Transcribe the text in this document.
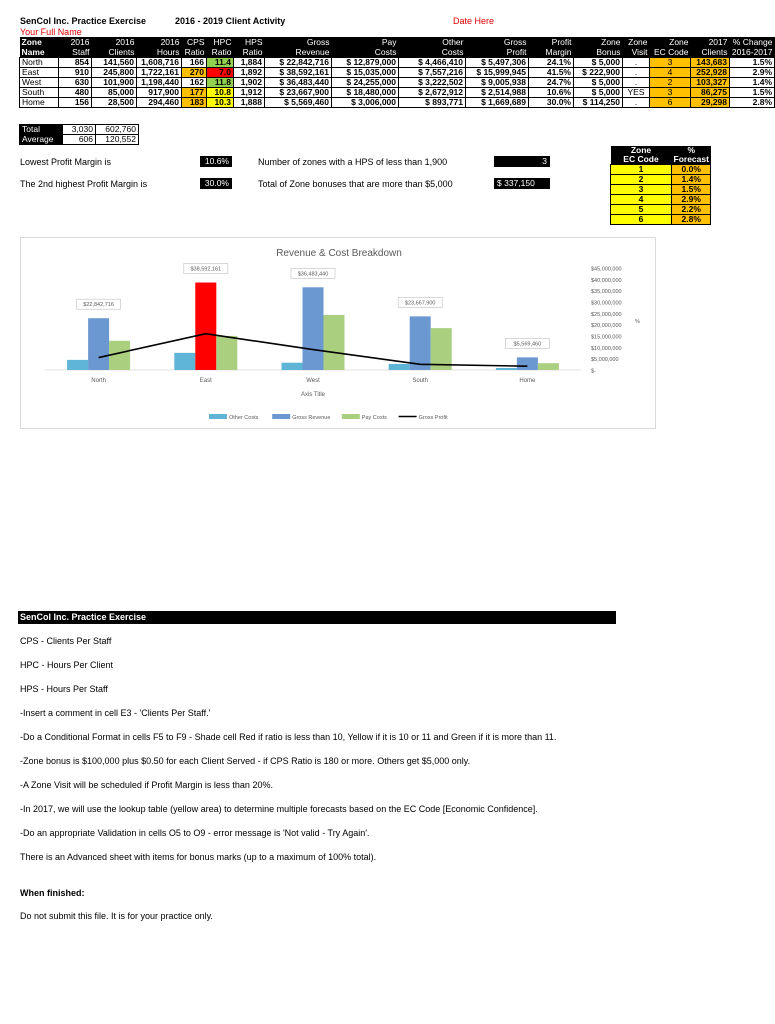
SenCol Inc. Practice Exercise	2016 - 2019 Client Activity	Date Here
Your Full Name
Zone	2016	2016	2016	CPS	HPC	HPS	Gross	Pay	Other	Gross	Profit	Zone	Zone	Zone	2017	% Change
Name	Staff	Clients	Hours	Ratio	Ratio	Ratio	Revenue	Costs	Costs	Profit	Margin	Bonus	Visit	EC Code	Clients	2016-2017
North	854	141,560	1,608,716	166	11.4	1,884	$ 22,842,716	$ 12,879,000	$ 4,466,410	$ 5,497,306	24.1%	$ 5,000	.	3	143,683	1.5%
East	910	245,800	1,722,161	270	7.0	1,892	$ 38,592,161	$ 15,035,000	$ 7,557,216	$ 15,999,945	41.5%	$ 222,900	.	4	252,928	2.9%
West	630	101,900	1,198,440	162	11.8	1,902	$ 36,483,440	$ 24,255,000	$ 3,222,502	$ 9,005,938	24.7%	$ 5,000	.	2	103,327	1.4%
South	480	85,000	917,900	177	10.8	1,912	$ 23,667,900	$ 18,480,000	$ 2,672,912	$ 2,514,988	10.6%	$ 5,000	YES	3	86,275	1.5%
Home	156	28,500	294,460	183	10.3	1,888	$ 5,569,460	$ 3,006,000	$ 893,771	$ 1,669,689	30.0%	$ 114,250	.	6	29,298	2.8%
Total	3,030	602,760
Average	606	120,552
Lowest Profit Margin is	10.6%
The 2nd highest Profit Margin is	30.0%
Number of zones with a HPS of less than 1,900	3
Total of Zone bonuses that are more than $5,000	$ 337,150
Zone
EC Code	%
Forecast
1	0.0%
2	1.4%
3	1.5%
4	2.9%
5	2.2%
6	2.8%
Revenue & Cost Breakdown
$-
$5,000,000
$10,000,000
$15,000,000
$20,000,000
$25,000,000
$30,000,000
$35,000,000
$40,000,000
$45,000,000
%
North
$22,842,716
East
$38,592,161
West
$36,483,440
South
$23,667,900
Home
$5,569,460
Axis Title
Other Costs	Gross Revenue	Pay Costs	Gross Profit
SenCol Inc. Practice Exercise
CPS - Clients Per Staff
HPC - Hours Per Client
HPS - Hours Per Staff
-Insert a comment in cell E3 - 'Clients Per Staff.'
-Do a Conditional Format in cells F5 to F9 - Shade cell Red if ratio is less than 10, Yellow if it is 10 or 11 and Green if it is more than 11.
-Zone bonus is $100,000 plus $0.50 for each Client Served - if CPS Ratio is 180 or more. Others get $5,000 only.
-A Zone Visit will be scheduled if Profit Margin is less than 20%.
-In 2017, we will use the lookup table (yellow area) to determine multiple forecasts based on the EC Code [Economic Confidence].
-Do an appropriate Validation in cells O5 to O9 - error message is 'Not valid - Try Again'.
There is an Advanced sheet with items for bonus marks (up to a maximum of 100% total).
When finished:
Do not submit this file. It is for your practice only.
